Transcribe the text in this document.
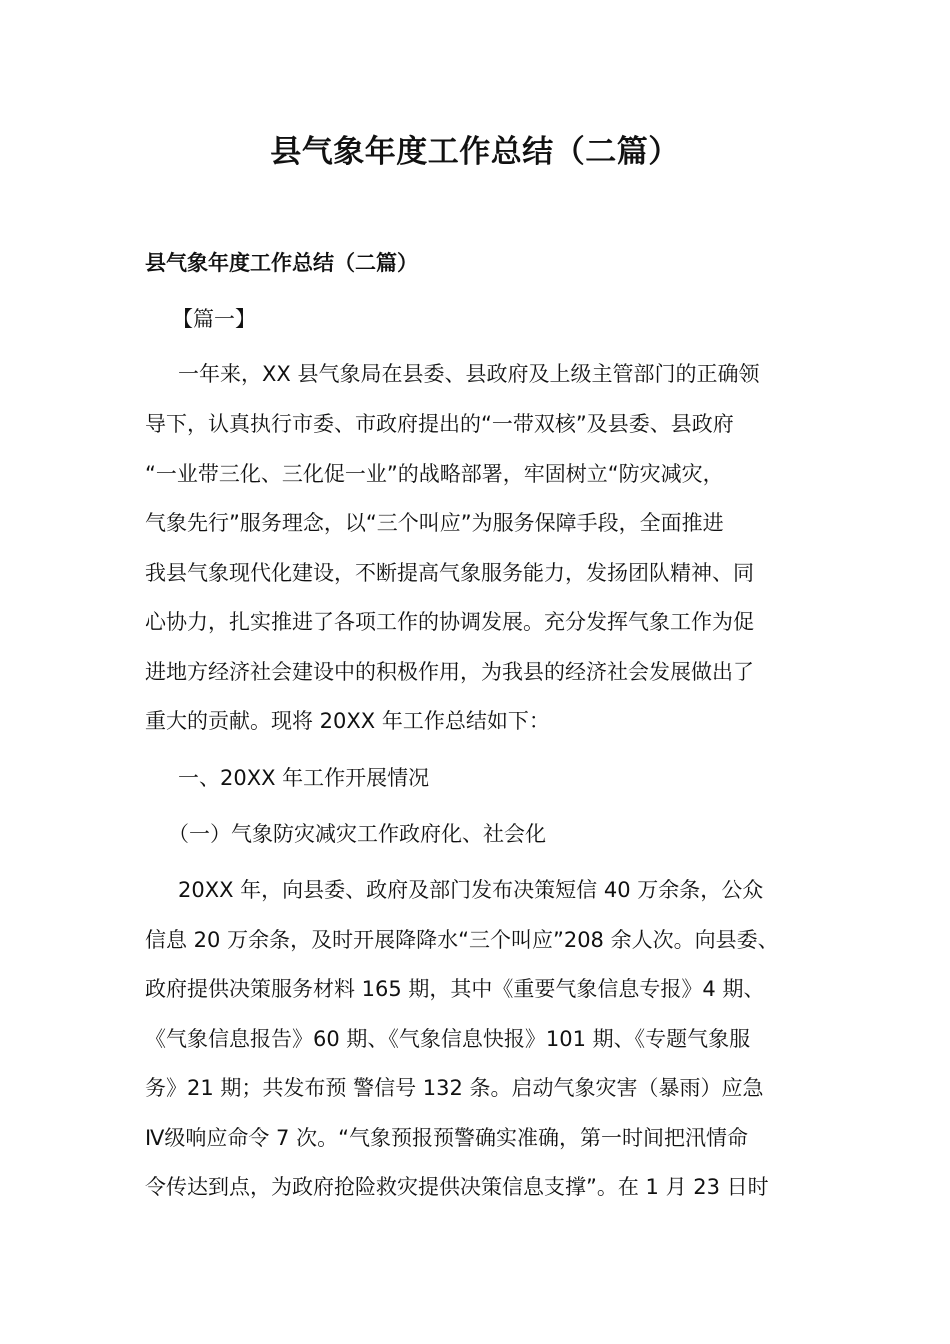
县气象年度工作总结（二篇）
县气象年度工作总结（二篇）

【篇一】

一年来，XX 县气象局在县委、县政府及上级主管部门的正确领

导下，认真执行市委、市政府提出的“一带双核”及县委、县政府

“一业带三化、三化促一业”的战略部署，牢固树立“防灾减灾，

气象先行”服务理念，以“三个叫应”为服务保障手段，全面推进

我县气象现代化建设，不断提高气象服务能力，发扬团队精神、同

心协力，扎实推进了各项工作的协调发展。充分发挥气象工作为促

进地方经济社会建设中的积极作用，为我县的经济社会发展做出了

重大的贡献。现将 20XX 年工作总结如下：

一、20XX 年工作开展情况

（一）气象防灾减灾工作政府化、社会化

20XX 年，向县委、政府及部门发布决策短信 40 万余条，公众

信息 20 万余条，及时开展降降水“三个叫应”208 余人次。向县委、

政府提供决策服务材料 165 期，其中《重要气象信息专报》4 期、

《气象信息报告》60 期、《气象信息快报》101 期、《专题气象服

务》21 期；共发布预 警信号 132 条。启动气象灾害（暴雨）应急

Ⅳ级响应命令 7 次。“气象预报预警确实准确，第一时间把汛情命

令传达到点，为政府抢险救灾提供决策信息支撑”。在 1 月 23 日时
